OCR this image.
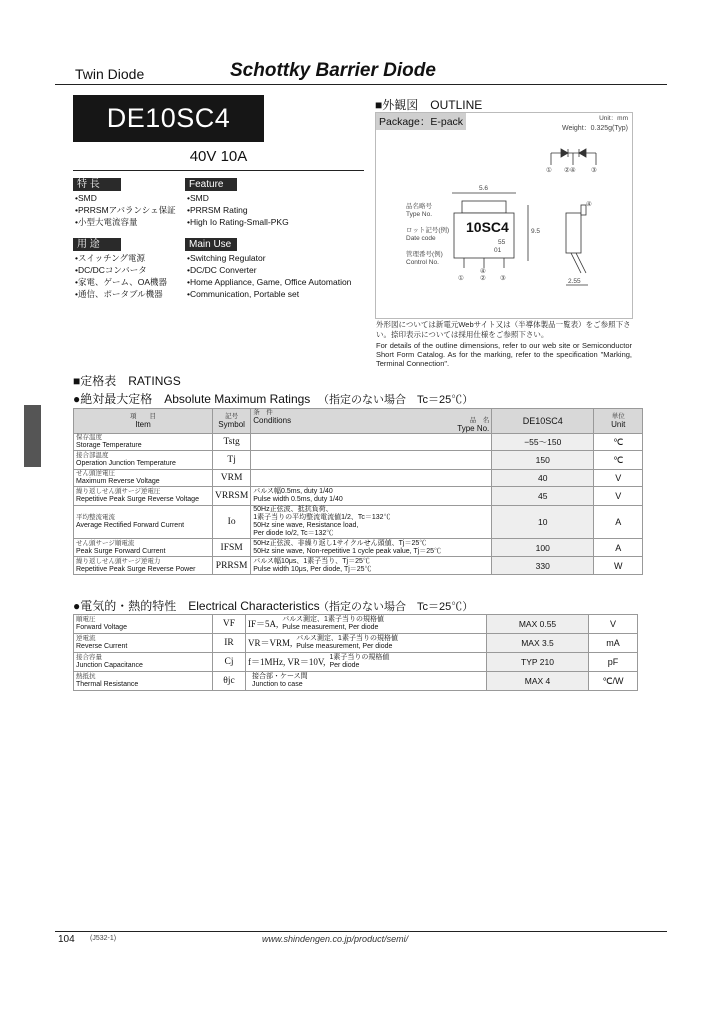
Twin Diode	Schottky Barrier Diode
DE10SC4
40V 10A
特 長	Feature
• SMD
• PRRSMアバランシェ保証
• 小型大電流容量
• SMD
• PRRSM Rating
• High Io Rating-Small-PKG
用 途	Main Use
• スイッチング電源
• DC/DCコンバータ
• 家電、ゲーム、OA機器
• 通信、ポータブル機器
• Switching Regulator
• DC/DC Converter
• Home Appliance, Game, Office Automation
• Communication, Portable set
■外観図　OUTLINE
Unit：mm
Weight：0.325g(Typ)
① ②④ ③
5.6
9.5
2.55
④
10SC4
55
01
品名略号
Type No.
ロット記号(例)
Date code
管理番号(例)
Control No.
①
④
② ③
Package：E-pack
外形図については新電元Webサイト又は（半導体製品一覧表）をご参照下さい。捺印表示については採用仕様をご参照下さい。
For details of the outline dimensions, refer to our web site or Semiconductor Short Form Catalog. As for the marking, refer to the specification "Marking, Terminal Connection".
■定格表　RATINGS
●絶対最大定格　Absolute Maximum Ratings （指定のない場合　Tc＝25℃）
項　　目
Item	記号
Symbol	条　件
Conditions 品　名
Type No.	DE10SC4	単位
Unit

保存温度
Storage Temperature	Tstg		−55～150	℃

接合部温度
Operation Junction Temperature	Tj		150	℃

せん頭逆電圧
Maximum Reverse Voltage	VRM		40	V

繰り返しせん頭サージ逆電圧
Repetitive Peak Surge Reverse Voltage	VRRSM	パルス幅0.5ms, duty 1/40
Pulse width 0.5ms, duty 1/40	45	V

平均整流電流
Average Rectified Forward Current	Io	50Hz正弦波、抵抗負荷、
1素子当りの平均整流電流値1/2、Tc＝132℃
50Hz sine wave, Resistance load,
Per diode Io/2, Tc＝132℃	10	A

せん頭サージ順電流
Peak Surge Forward Current	IFSM	50Hz正弦波、非繰り返し1サイクルせん頭値、Tj＝25℃
50Hz sine wave, Non-repetitive 1 cycle peak value, Tj＝25℃	100	A

繰り返しせん頭サージ逆電力
Repetitive Peak Surge Reverse Power	PRRSM	パルス幅10μs、1素子当り、Tj＝25℃
Pulse width 10μs, Per diode, Tj＝25℃	330	W
●電気的・熱的特性　Electrical Characteristics
（指定のない場合　Tc＝25℃）
順電圧
Forward Voltage	VF	IF＝5A, パルス測定、1素子当りの規格値
Pulse measurement, Per diode	MAX 0.55	V

逆電流
Reverse Current	IR	VR＝VRM, パルス測定、1素子当りの規格値
Pulse measurement, Per diode	MAX 3.5	mA

接合容量
Junction Capacitance	Cj	f＝1MHz, VR＝10V, 1素子当りの規格値
Per diode	TYP 210	pF

熱抵抗
Thermal Resistance	θjc	接合部・ケース間
Junction to case	MAX 4	℃/W
104 (J532-1)	www.shindengen.co.jp/product/semi/
